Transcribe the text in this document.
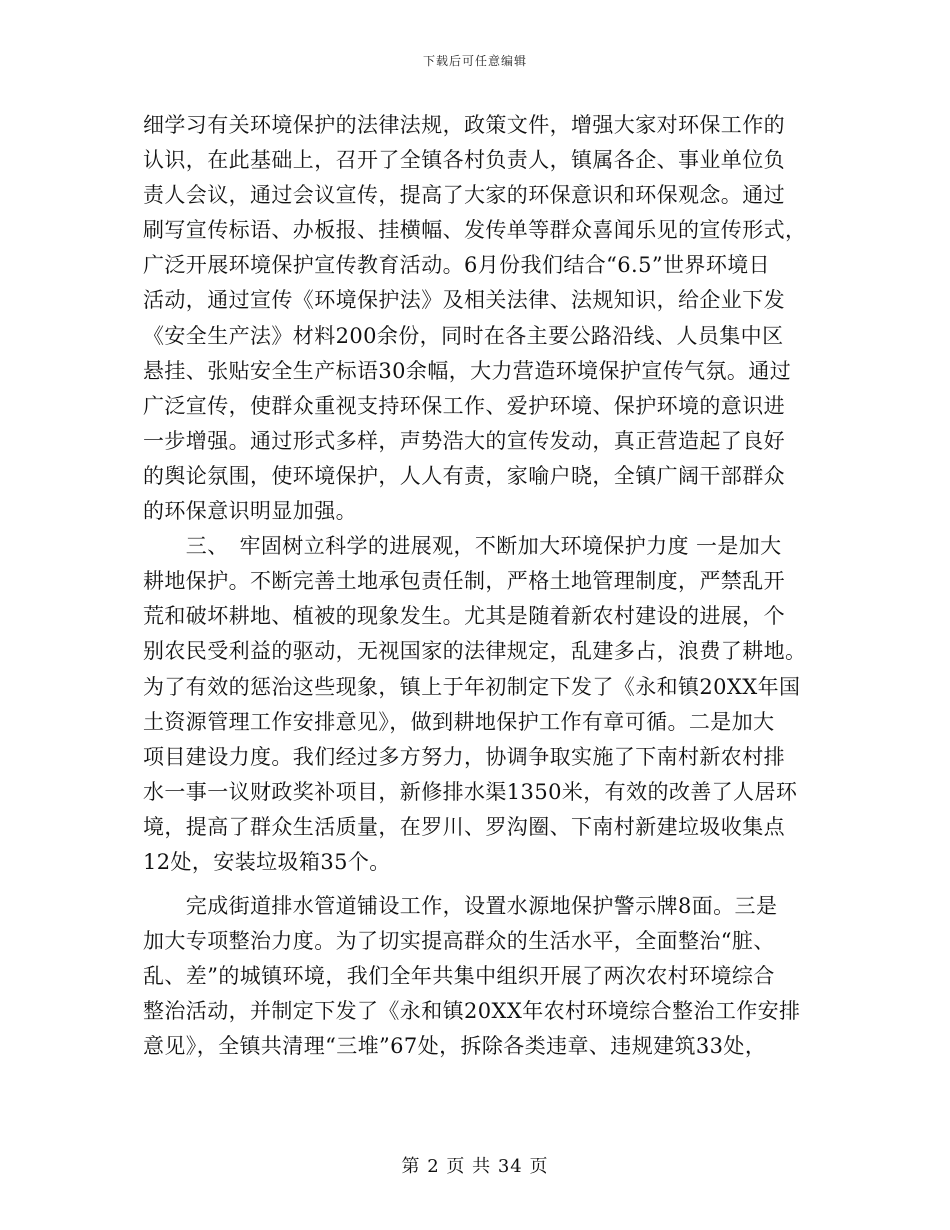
下载后可任意编辑
细学习有关环境保护的法律法规，政策文件，增强大家对环保工作的
认识，在此基础上，召开了全镇各村负责人，镇属各企、事业单位负
责人会议，通过会议宣传，提高了大家的环保意识和环保观念。通过
刷写宣传标语、办板报、挂横幅、发传单等群众喜闻乐见的宣传形式，
广泛开展环境保护宣传教育活动。6月份我们结合“6.5”世界环境日
活动，通过宣传《环境保护法》及相关法律、法规知识，给企业下发
《安全生产法》材料200余份，同时在各主要公路沿线、人员集中区
悬挂、张贴安全生产标语30余幅，大力营造环境保护宣传气氛。通过
广泛宣传，使群众重视支持环保工作、爱护环境、保护环境的意识进
一步增强。通过形式多样，声势浩大的宣传发动，真正营造起了良好
的舆论氛围，使环境保护，人人有责，家喻户晓，全镇广阔干部群众
的环保意识明显加强。
　　三、　牢固树立科学的进展观，不断加大环境保护力度 一是加大
耕地保护。不断完善土地承包责任制，严格土地管理制度，严禁乱开
荒和破坏耕地、植被的现象发生。尤其是随着新农村建设的进展，个
别农民受利益的驱动，无视国家的法律规定，乱建多占，浪费了耕地。
为了有效的惩治这些现象，镇上于年初制定下发了《永和镇20XX年国
土资源管理工作安排意见》，做到耕地保护工作有章可循。二是加大
项目建设力度。我们经过多方努力，协调争取实施了下南村新农村排
水一事一议财政奖补项目，新修排水渠1350米，有效的改善了人居环
境，提高了群众生活质量，在罗川、罗沟圈、下南村新建垃圾收集点
12处，安装垃圾箱35个。
　　完成街道排水管道铺设工作，设置水源地保护警示牌8面。三是
加大专项整治力度。为了切实提高群众的生活水平，全面整治“脏、
乱、差”的城镇环境，我们全年共集中组织开展了两次农村环境综合
整治活动，并制定下发了《永和镇20XX年农村环境综合整治工作安排
意见》，全镇共清理“三堆”67处，拆除各类违章、违规建筑33处，
第 2 页 共 34 页
